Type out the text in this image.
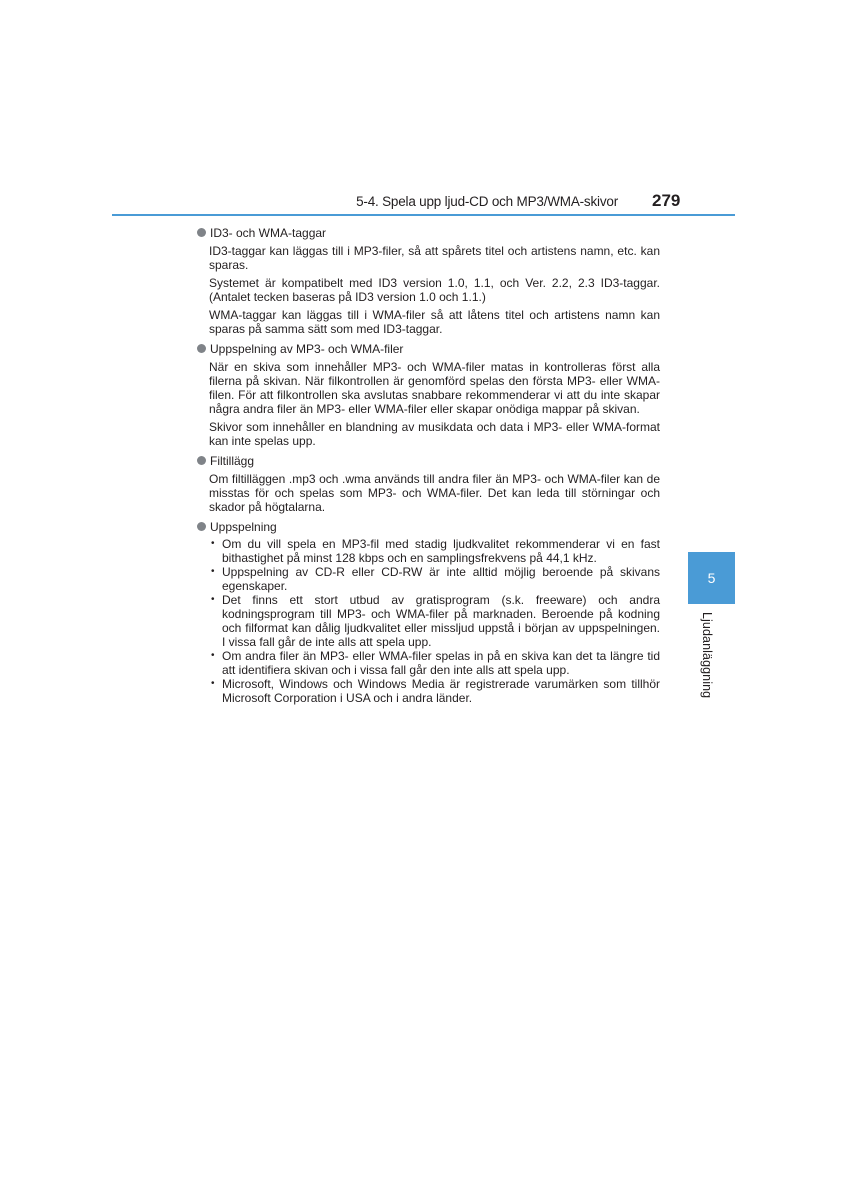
5-4. Spela upp ljud-CD och MP3/WMA-skivor 279
ID3- och WMA-taggar

ID3-taggar kan läggas till i MP3-filer, så att spårets titel och artistens namn, etc. kan sparas.

Systemet är kompatibelt med ID3 version 1.0, 1.1, och Ver. 2.2, 2.3 ID3-taggar. (Antalet tecken baseras på ID3 version 1.0 och 1.1.)

WMA-taggar kan läggas till i WMA-filer så att låtens titel och artistens namn kan sparas på samma sätt som med ID3-taggar.

Uppspelning av MP3- och WMA-filer

När en skiva som innehåller MP3- och WMA-filer matas in kontrolleras först alla filerna på skivan. När filkontrollen är genomförd spelas den första MP3- eller WMA-filen. För att filkontrollen ska avslutas snabbare rekommenderar vi att du inte skapar några andra filer än MP3- eller WMA-filer eller skapar onödiga mappar på skivan.

Skivor som innehåller en blandning av musikdata och data i MP3- eller WMA-format kan inte spelas upp.

Filtillägg

Om filtilläggen .mp3 och .wma används till andra filer än MP3- och WMA-filer kan de misstas för och spelas som MP3- och WMA-filer. Det kan leda till störningar och skador på högtalarna.

Uppspelning
• Om du vill spela en MP3-fil med stadig ljudkvalitet rekommenderar vi en fast bithastighet på minst 128 kbps och en samplingsfrekvens på 44,1 kHz.
• Uppspelning av CD-R eller CD-RW är inte alltid möjlig beroende på skivans egenskaper.
• Det finns ett stort utbud av gratisprogram (s.k. freeware) och andra kodningsprogram till MP3- och WMA-filer på marknaden. Beroende på kodning och filformat kan dålig ljudkvalitet eller missljud uppstå i början av uppspelningen. I vissa fall går de inte alls att spela upp.
• Om andra filer än MP3- eller WMA-filer spelas in på en skiva kan det ta längre tid att identifiera skivan och i vissa fall går den inte alls att spela upp.
• Microsoft, Windows och Windows Media är registrerade varumärken som tillhör Microsoft Corporation i USA och i andra länder.
5
Ljudanläggning
